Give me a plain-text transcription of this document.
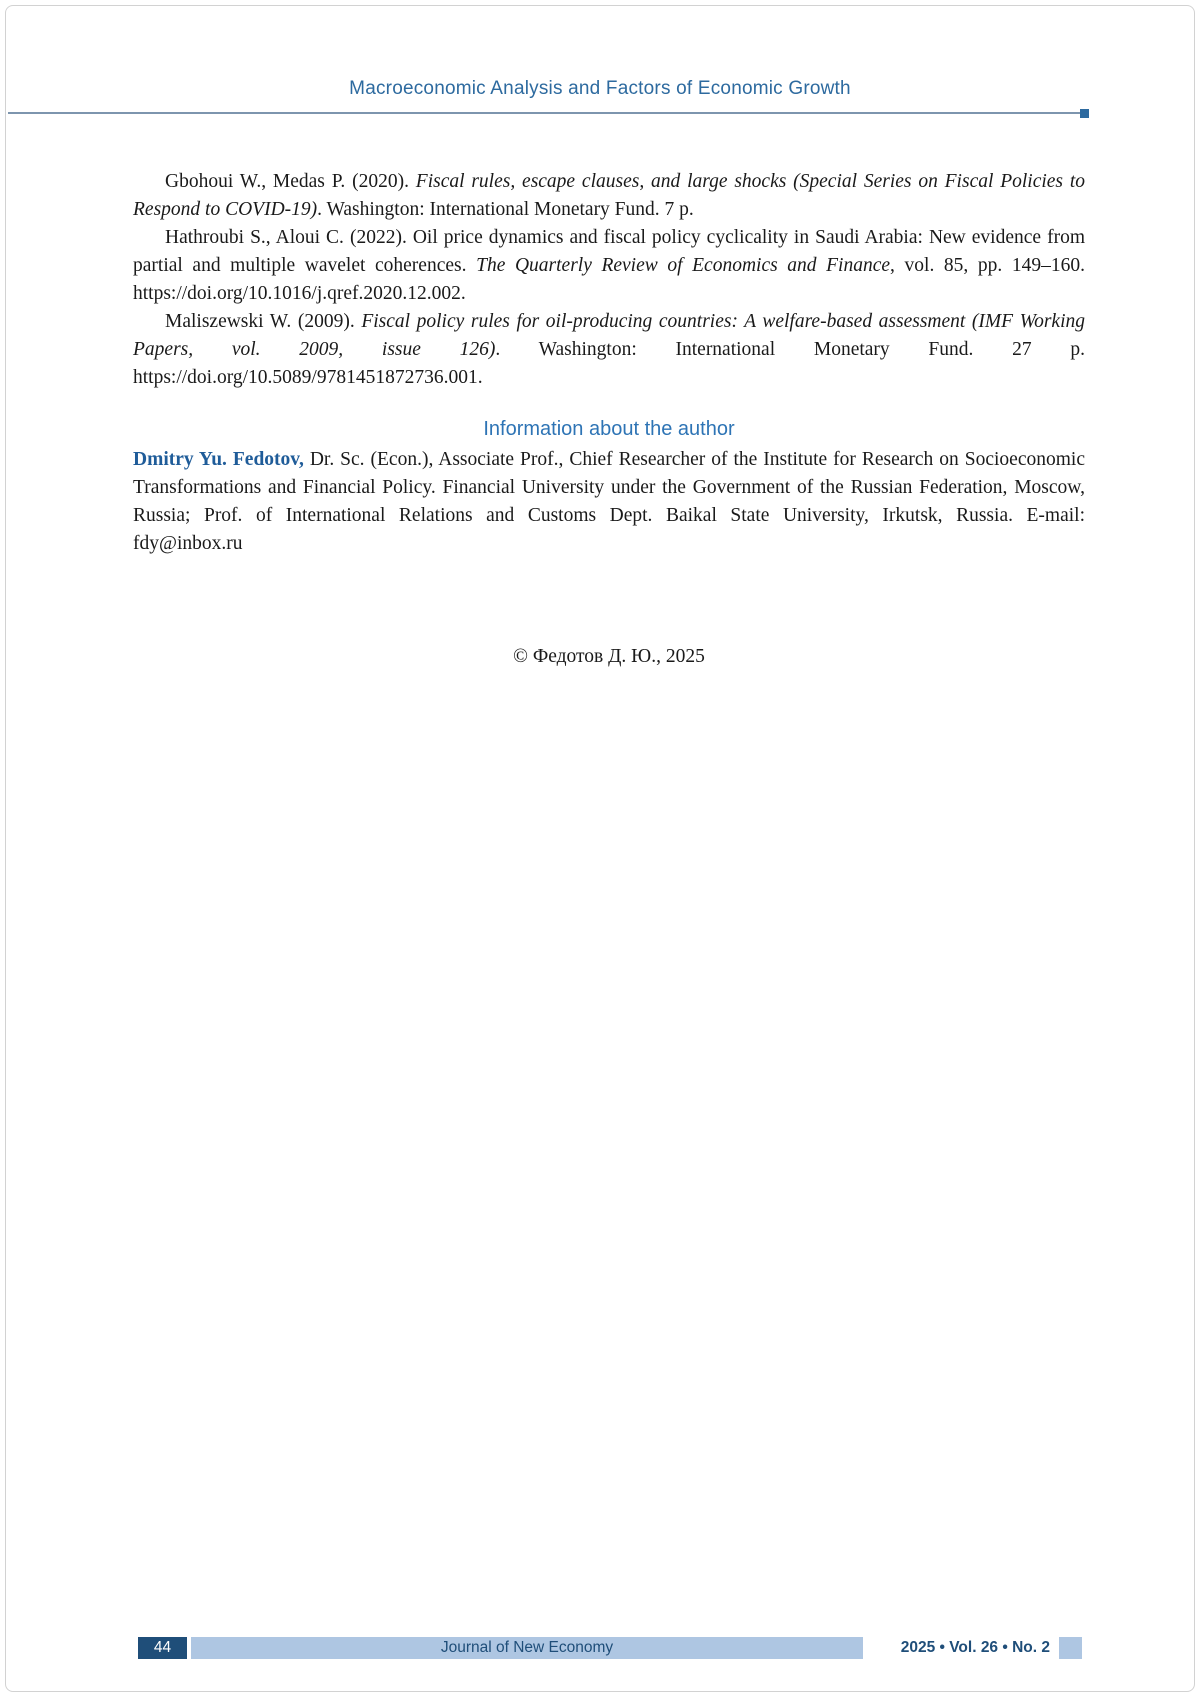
Macroeconomic Analysis and Factors of Economic Growth

Gbohoui W., Medas P. (2020). Fiscal rules, escape clauses, and large shocks (Special Series on Fiscal Policies to Respond to COVID-19). Washington: International Monetary Fund. 7 p.

Hathroubi S., Aloui C. (2022). Oil price dynamics and fiscal policy cyclicality in Saudi Arabia: New evidence from partial and multiple wavelet coherences. The Quarterly Review of Economics and Finance, vol. 85, pp. 149–160. https://doi.org/10.1016/j.qref.2020.12.002.

Maliszewski W. (2009). Fiscal policy rules for oil-producing countries: A welfare-based assessment (IMF Working Papers, vol. 2009, issue 126). Washington: International Monetary Fund. 27 p. https://doi.org/10.5089/9781451872736.001.

Information about the author

Dmitry Yu. Fedotov, Dr. Sc. (Econ.), Associate Prof., Chief Researcher of the Institute for Research on Socioeconomic Transformations and Financial Policy. Financial University under the Government of the Russian Federation, Moscow, Russia; Prof. of International Relations and Customs Dept. Baikal State University, Irkutsk, Russia. E-mail: fdy@inbox.ru

© Федотов Д. Ю., 2025

44	Journal of New Economy	2025 • Vol. 26 • No. 2
